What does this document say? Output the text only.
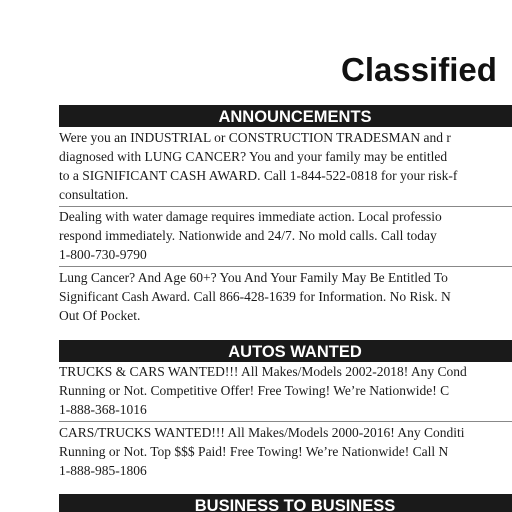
Classified
ANNOUNCEMENTS
Were you an INDUSTRIAL or CONSTRUCTION TRADESMAN and r
diagnosed with LUNG CANCER? You and your family may be entitled
to a SIGNIFICANT CASH AWARD. Call 1-844-522-0818 for your risk-f
consultation.
Dealing with water damage requires immediate action. Local professio
respond immediately. Nationwide and 24/7. No mold calls. Call today
1-800-730-9790
Lung Cancer? And Age 60+? You And Your Family May Be Entitled To
Significant Cash Award. Call 866-428-1639 for Information. No Risk. N
Out Of Pocket.
AUTOS WANTED
TRUCKS & CARS WANTED!!! All Makes/Models 2002-2018! Any Cond
Running or Not. Competitive Offer! Free Towing! We’re Nationwide! C
1-888-368-1016
CARS/TRUCKS WANTED!!! All Makes/Models 2000-2016! Any Conditi
Running or Not. Top $$$ Paid! Free Towing! We’re Nationwide! Call N
1-888-985-1806
BUSINESS TO BUSINESS
